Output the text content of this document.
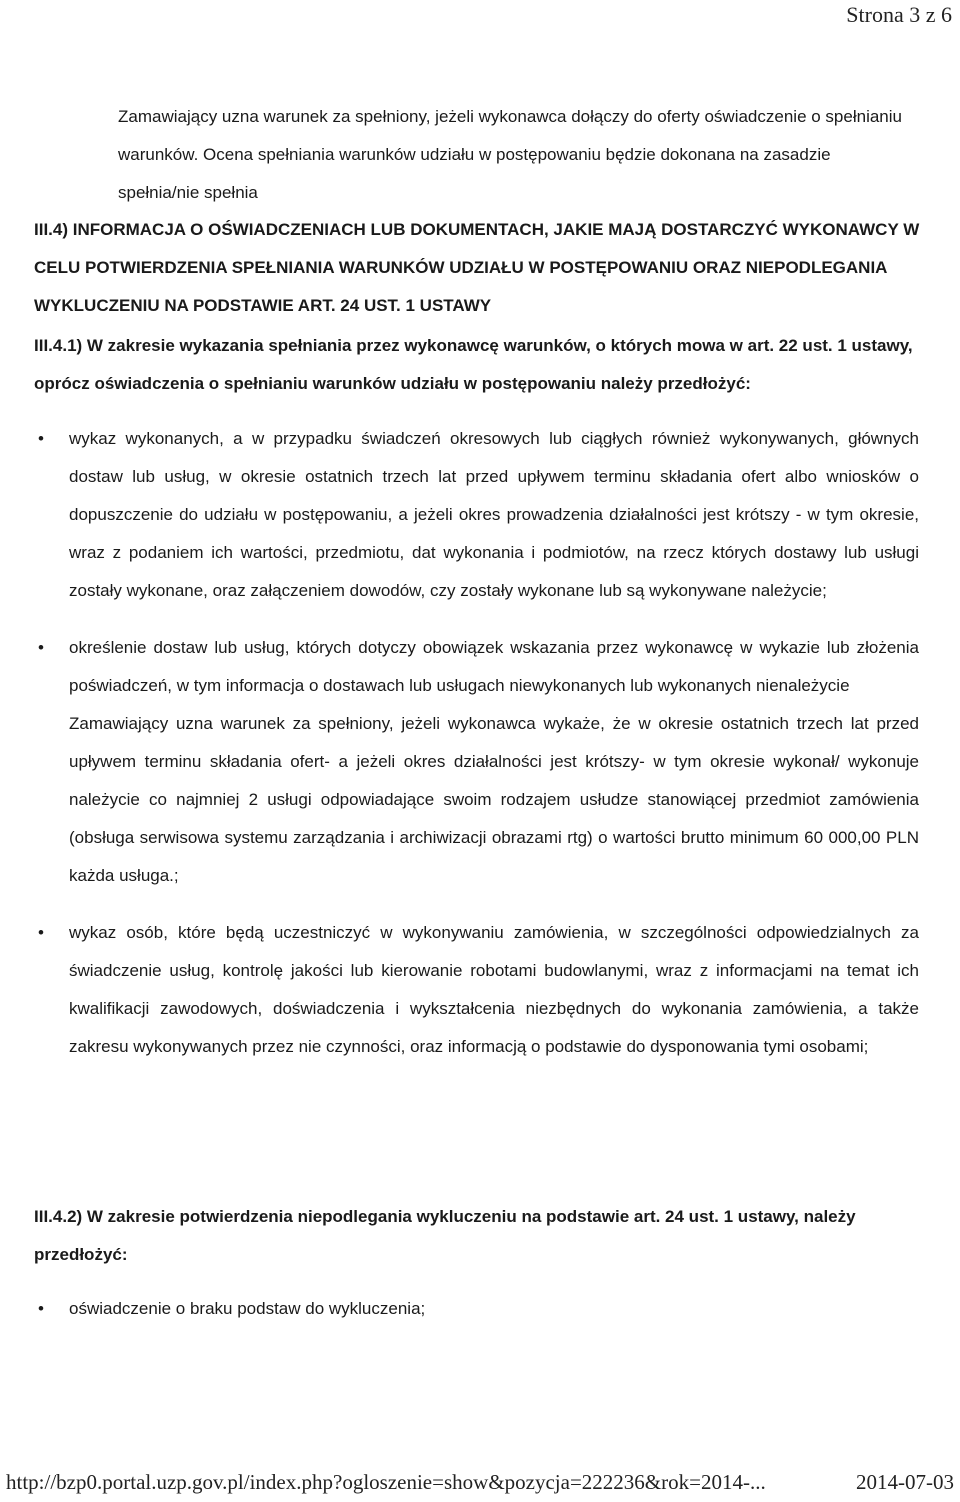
Strona 3 z 6
Zamawiający uzna warunek za spełniony, jeżeli wykonawca dołączy do oferty oświadczenie o spełnianiu warunków. Ocena spełniania warunków udziału w postępowaniu będzie dokonana na zasadzie spełnia/nie spełnia
III.4) INFORMACJA O OŚWIADCZENIACH LUB DOKUMENTACH, JAKIE MAJĄ DOSTARCZYĆ WYKONAWCY W CELU POTWIERDZENIA SPEŁNIANIA WARUNKÓW UDZIAŁU W POSTĘPOWANIU ORAZ NIEPODLEGANIA WYKLUCZENIU NA PODSTAWIE ART. 24 UST. 1 USTAWY
III.4.1) W zakresie wykazania spełniania przez wykonawcę warunków, o których mowa w art. 22 ust. 1 ustawy, oprócz oświadczenia o spełnianiu warunków udziału w postępowaniu należy przedłożyć:
• wykaz wykonanych, a w przypadku świadczeń okresowych lub ciągłych również wykonywanych, głównych dostaw lub usług, w okresie ostatnich trzech lat przed upływem terminu składania ofert albo wniosków o dopuszczenie do udziału w postępowaniu, a jeżeli okres prowadzenia działalności jest krótszy - w tym okresie, wraz z podaniem ich wartości, przedmiotu, dat wykonania i podmiotów, na rzecz których dostawy lub usługi zostały wykonane, oraz załączeniem dowodów, czy zostały wykonane lub są wykonywane należycie;
• określenie dostaw lub usług, których dotyczy obowiązek wskazania przez wykonawcę w wykazie lub złożenia poświadczeń, w tym informacja o dostawach lub usługach niewykonanych lub wykonanych nienależycie
Zamawiający uzna warunek za spełniony, jeżeli wykonawca wykaże, że w okresie ostatnich trzech lat przed upływem terminu składania ofert- a jeżeli okres działalności jest krótszy- w tym okresie wykonał/ wykonuje należycie co najmniej 2 usługi odpowiadające swoim rodzajem usłudze stanowiącej przedmiot zamówienia (obsługa serwisowa systemu zarządzania i archiwizacji obrazami rtg) o wartości brutto minimum 60 000,00 PLN każda usługa.;
• wykaz osób, które będą uczestniczyć w wykonywaniu zamówienia, w szczególności odpowiedzialnych za świadczenie usług, kontrolę jakości lub kierowanie robotami budowlanymi, wraz z informacjami na temat ich kwalifikacji zawodowych, doświadczenia i wykształcenia niezbędnych do wykonania zamówienia, a także zakresu wykonywanych przez nie czynności, oraz informacją o podstawie do dysponowania tymi osobami;
III.4.2) W zakresie potwierdzenia niepodlegania wykluczeniu na podstawie art. 24 ust. 1 ustawy, należy przedłożyć:
• oświadczenie o braku podstaw do wykluczenia;
http://bzp0.portal.uzp.gov.pl/index.php?ogloszenie=show&pozycja=222236&rok=2014-...	2014-07-03
